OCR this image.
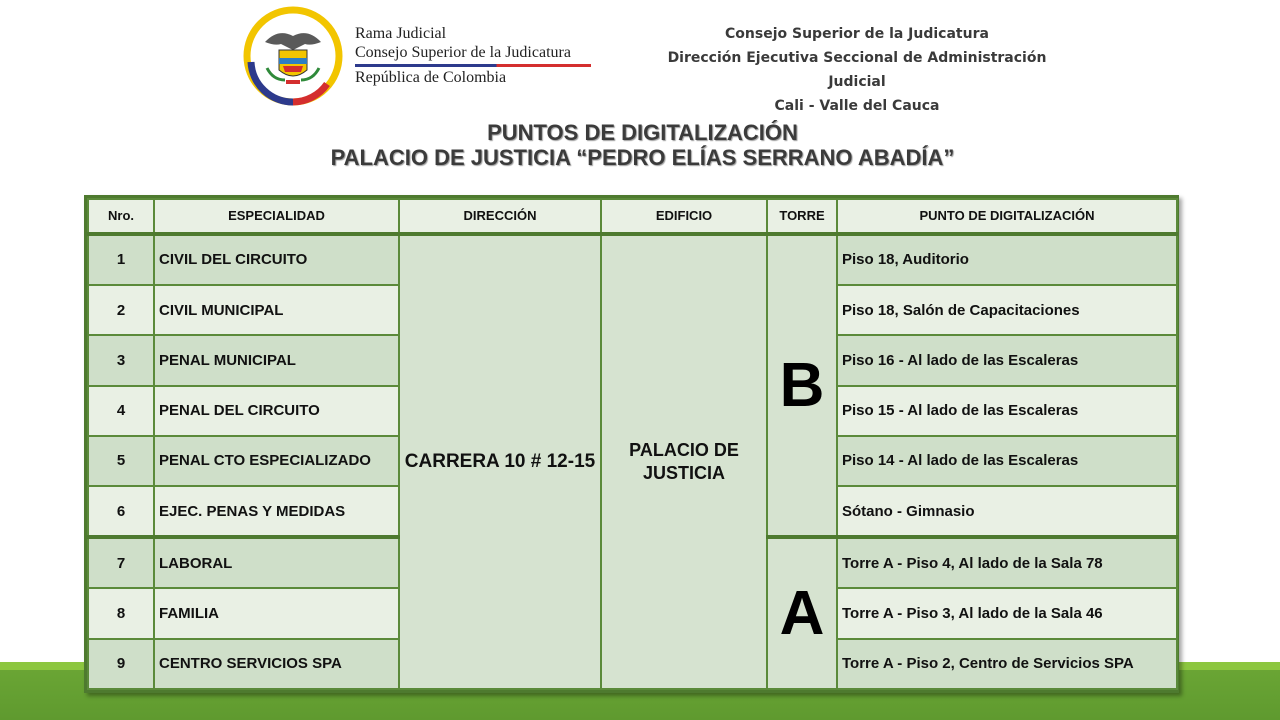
Rama Judicial
Consejo Superior de la Judicatura
República de Colombia
Consejo Superior de la Judicatura
Dirección Ejecutiva Seccional de Administración Judicial
Cali - Valle del Cauca
PUNTOS DE DIGITALIZACIÓN
PALACIO DE JUSTICIA “PEDRO ELÍAS SERRANO ABADÍA”
Nro.	ESPECIALIDAD	DIRECCIÓN	EDIFICIO	TORRE	PUNTO DE DIGITALIZACIÓN
1	CIVIL DEL CIRCUITO	CARRERA 10 # 12-15	PALACIO DE JUSTICIA	B	Piso 18, Auditorio
2	CIVIL MUNICIPAL				Piso 18, Salón de Capacitaciones
3	PENAL MUNICIPAL				Piso 16 - Al lado de las Escaleras
4	PENAL DEL CIRCUITO				Piso 15 - Al lado de las Escaleras
5	PENAL CTO ESPECIALIZADO				Piso 14 - Al lado de las Escaleras
6	EJEC. PENAS Y MEDIDAS				Sótano - Gimnasio
7	LABORAL			A	Torre A - Piso 4, Al lado de la Sala 78
8	FAMILIA				Torre A - Piso 3, Al lado de la Sala 46
9	CENTRO SERVICIOS SPA				Torre A - Piso 2, Centro de Servicios SPA
